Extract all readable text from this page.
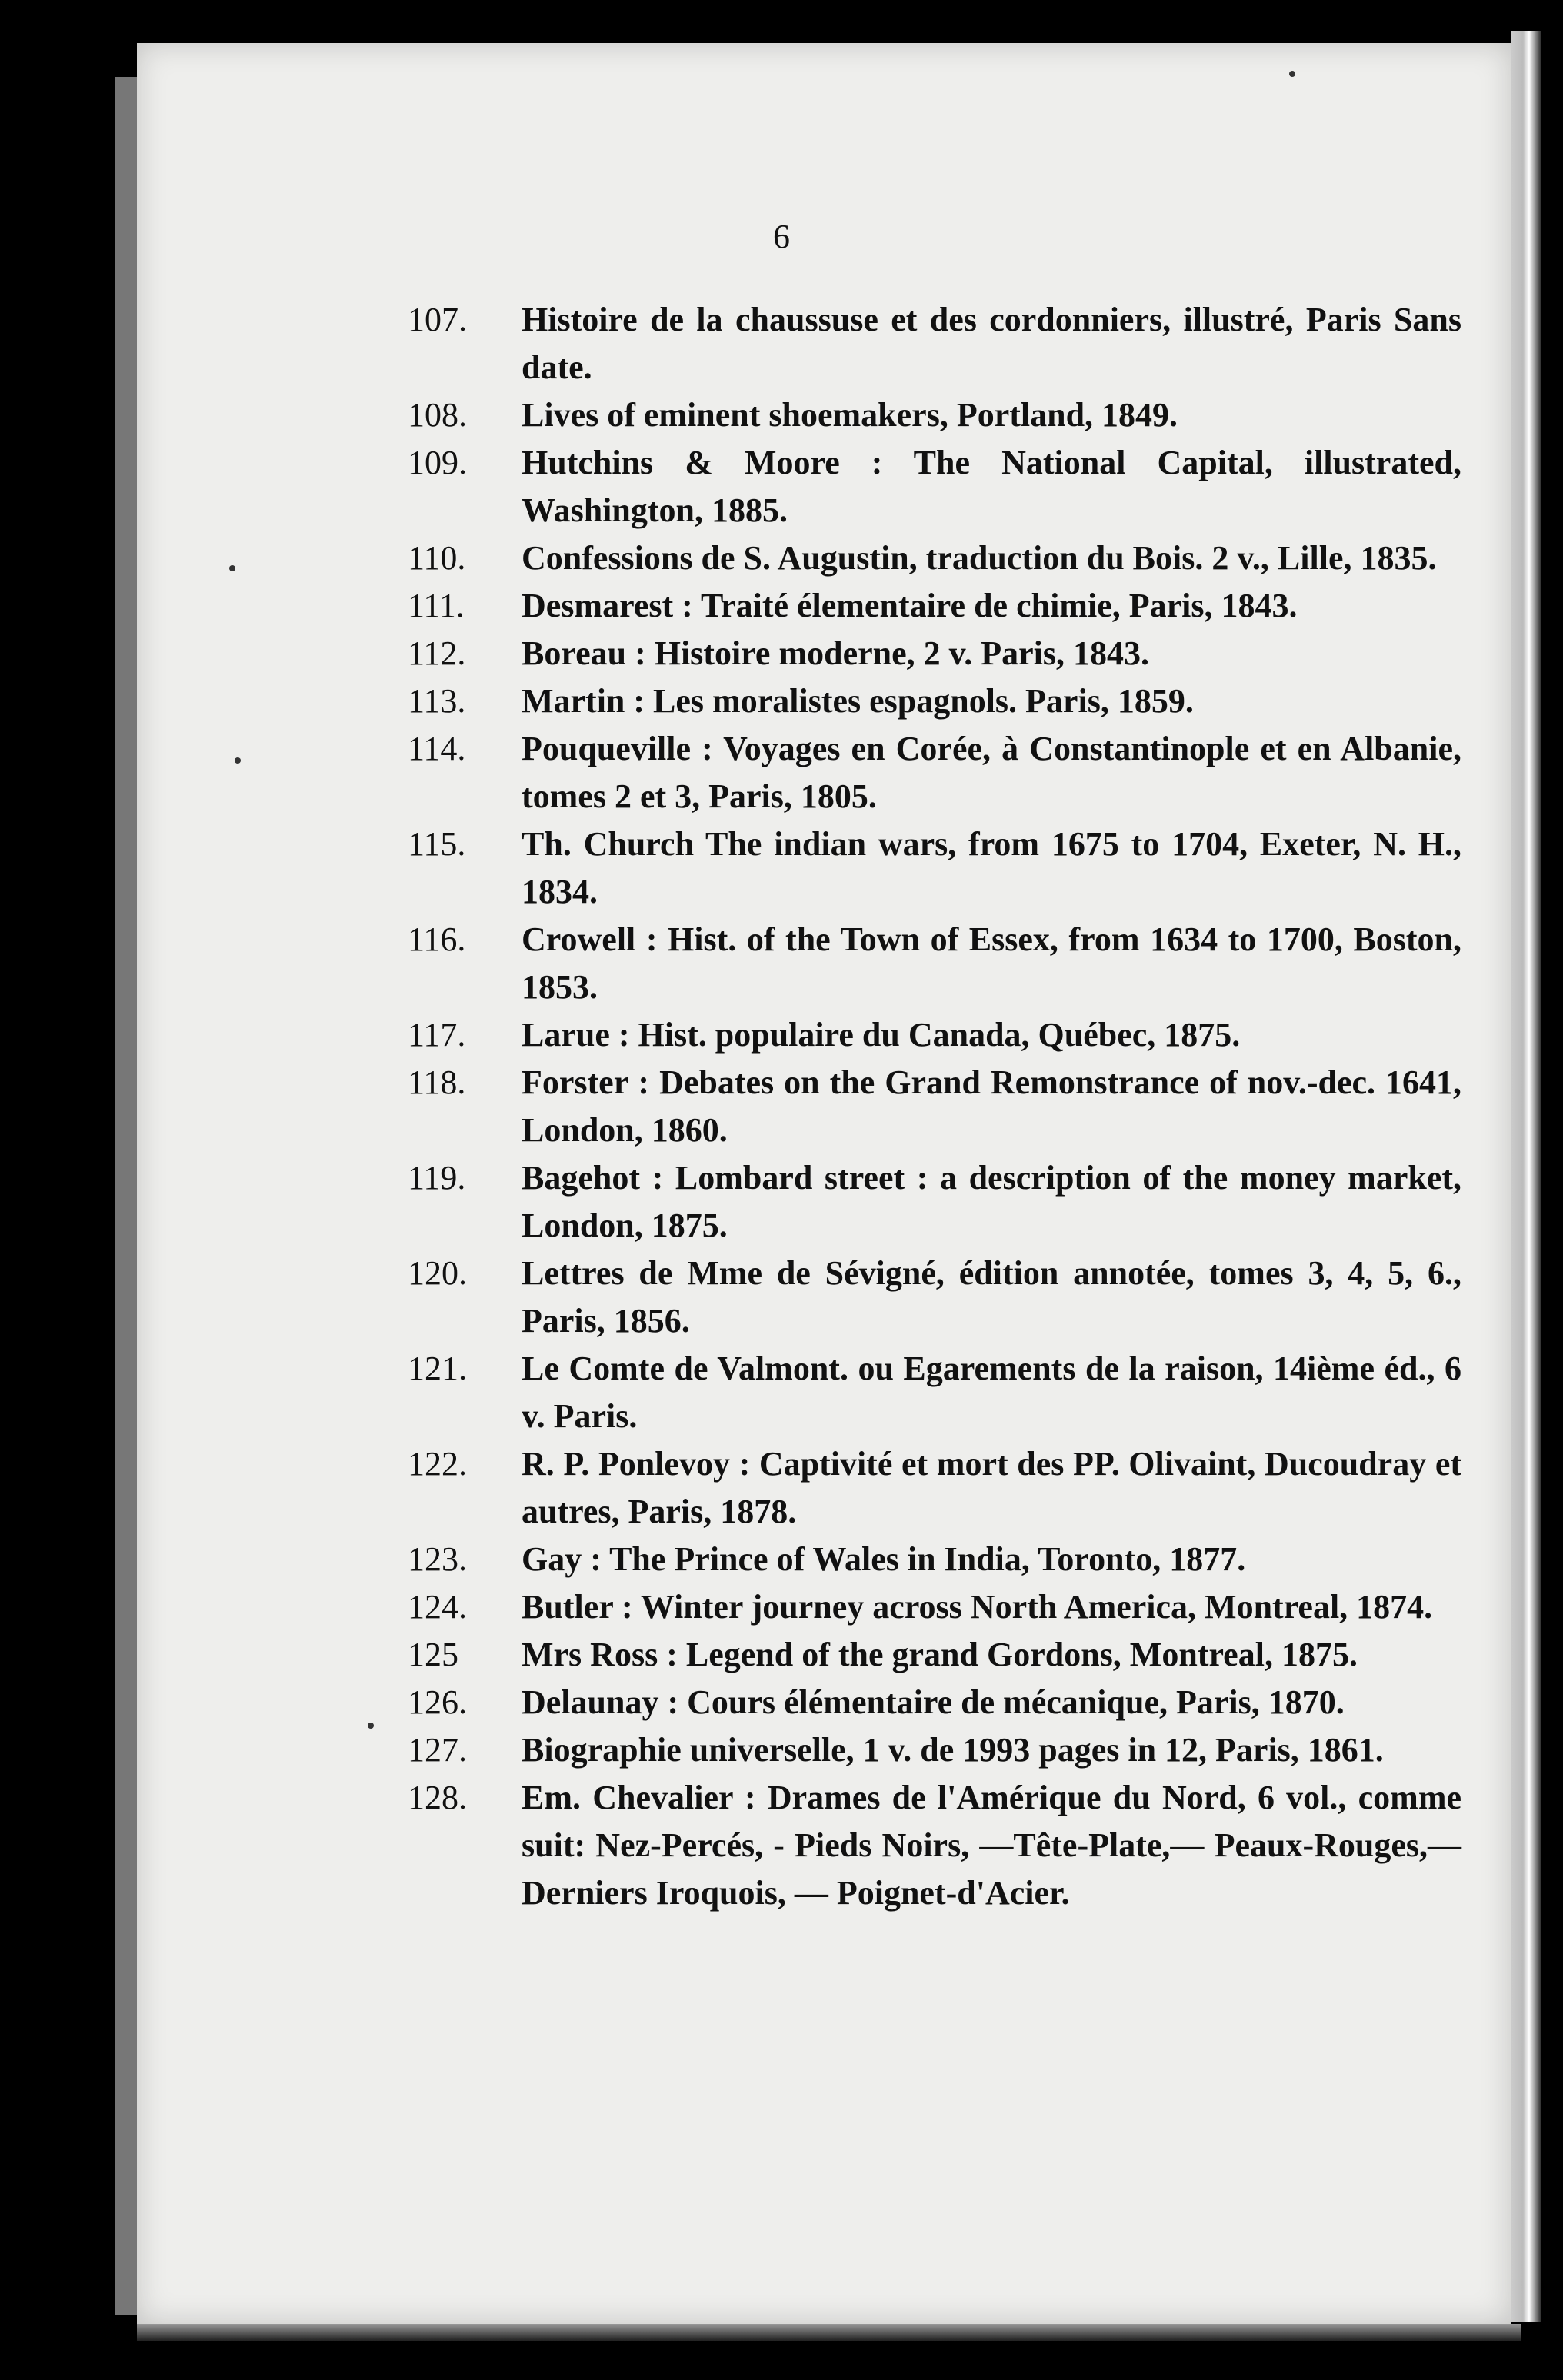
6

107.	Histoire de la chaussuse et des cordonniers, illustré, Paris Sans date.

108.	Lives of eminent shoemakers, Portland, 1849.

109.	Hutchins & Moore : The National Capital, illustrated, Washington, 1885.

110.	Confessions de S. Augustin, traduction du Bois. 2 v., Lille, 1835.

111.	Desmarest : Traité élementaire de chimie, Paris, 1843.

112.	Boreau : Histoire moderne, 2 v. Paris, 1843.

113.	Martin : Les moralistes espagnols. Paris, 1859.

114.	Pouqueville : Voyages en Corée, à Constantinople et en Albanie, tomes 2 et 3, Paris, 1805.

115.	Th. Church The indian wars, from 1675 to 1704, Exeter, N. H., 1834.

116.	Crowell : Hist. of the Town of Essex, from 1634 to 1700, Boston, 1853.

117.	Larue : Hist. populaire du Canada, Québec, 1875.

118.	Forster : Debates on the Grand Remonstrance of nov.-dec. 1641, London, 1860.

119.	Bagehot : Lombard street : a description of the money market, London, 1875.

120.	Lettres de Mme de Sévigné, édition annotée, tomes 3, 4, 5, 6., Paris, 1856.

121.	Le Comte de Valmont. ou Egarements de la raison, 14ième éd., 6 v. Paris.

122.	R. P. Ponlevoy : Captivité et mort des PP. Olivaint, Ducoudray et autres, Paris, 1878.

123.	Gay : The Prince of Wales in India, Toronto, 1877.

124.	Butler : Winter journey across North America, Montreal, 1874.

125	Mrs Ross : Legend of the grand Gordons, Montreal, 1875.

126.	Delaunay : Cours élémentaire de mécanique, Paris, 1870.

127.	Biographie universelle, 1 v. de 1993 pages in 12, Paris, 1861.

128.	Em. Chevalier : Drames de l'Amérique du Nord, 6 vol., comme suit: Nez-Percés, - Pieds Noirs, —Tête-Plate,— Peaux-Rouges,—Derniers Iroquois, — Poignet-d'Acier.
